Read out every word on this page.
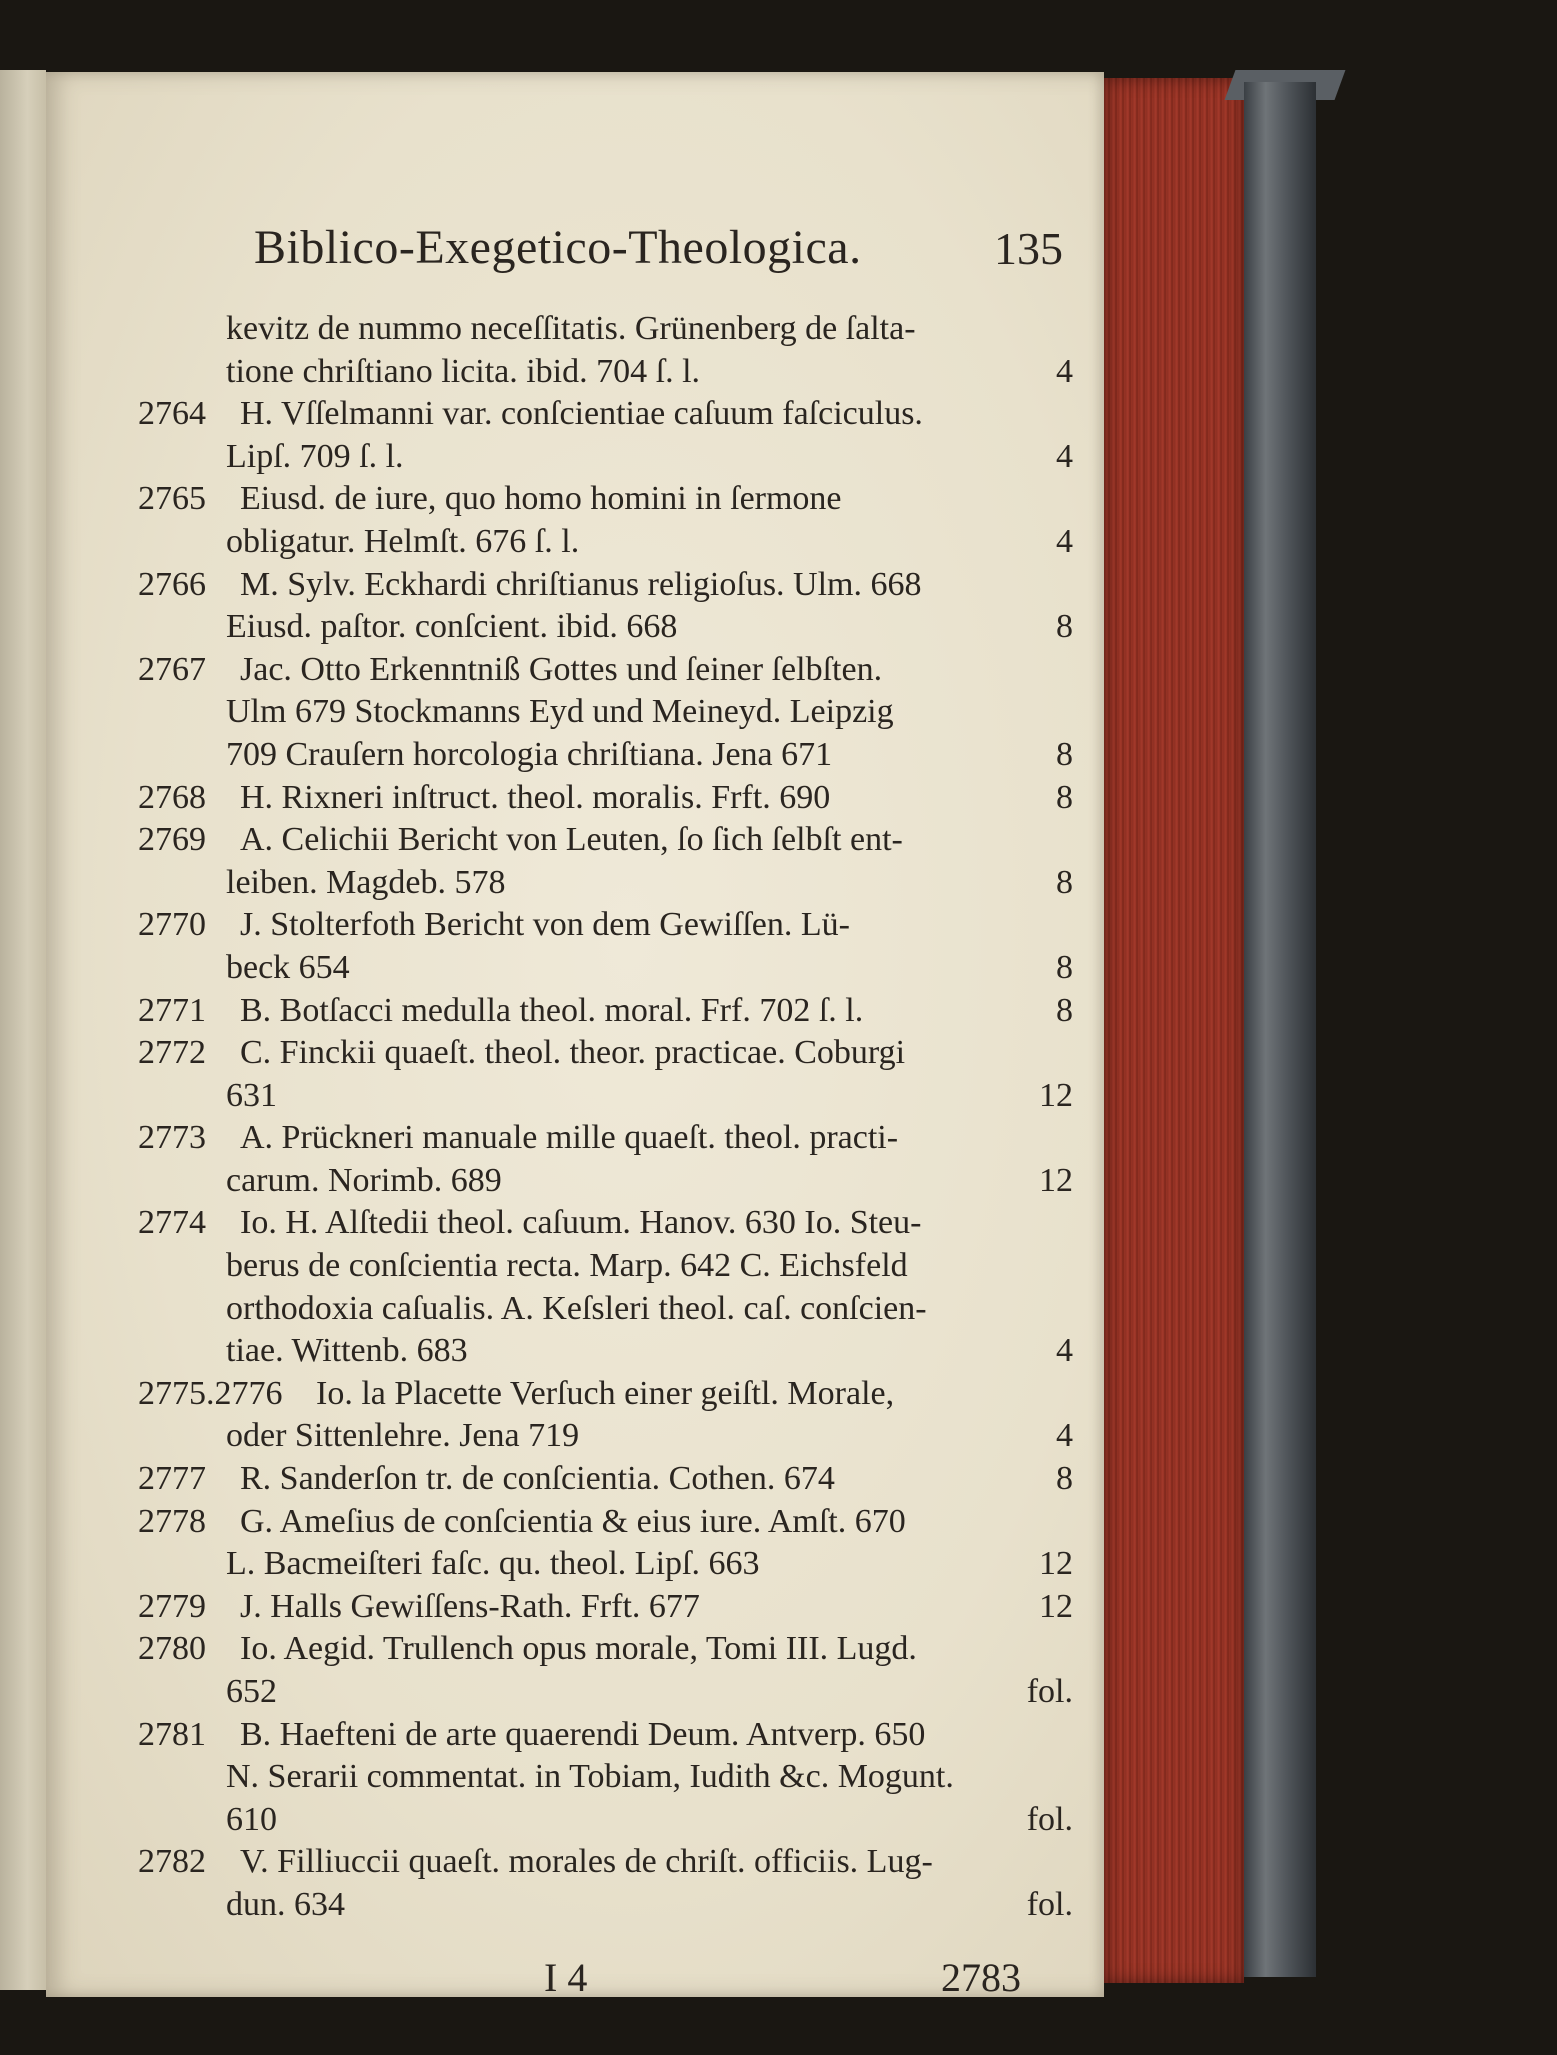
Biblico-Exegetico-Theologica.	135
kevitz de nummo neceſſitatis. Grünenberg de ſalta-
tione chriſtiano licita. ibid. 704 ſ. l.	4
2764 H. Vſſelmanni var. conſcientiae caſuum faſciculus.
Lipſ. 709 ſ. l.	4
2765 Eiusd. de iure, quo homo homini in ſermone
obligatur. Helmſt. 676 ſ. l.	4
2766 M. Sylv. Eckhardi chriſtianus religioſus. Ulm. 668
Eiusd. paſtor. conſcient. ibid. 668	8
2767 Jac. Otto Erkenntniß Gottes und ſeiner ſelbſten.
Ulm 679 Stockmanns Eyd und Meineyd. Leipzig
709 Crauſern horcologia chriſtiana. Jena 671	8
2768 H. Rixneri inſtruct. theol. moralis. Frft. 690	8
2769 A. Celichii Bericht von Leuten, ſo ſich ſelbſt ent-
leiben. Magdeb. 578	8
2770 J. Stolterfoth Bericht von dem Gewiſſen. Lü-
beck 654	8
2771 B. Botſacci medulla theol. moral. Frf. 702 ſ. l.	8
2772 C. Finckii quaeſt. theol. theor. practicae. Coburgi
631	12
2773 A. Prückneri manuale mille quaeſt. theol. practi-
carum. Norimb. 689	12
2774 Io. H. Alſtedii theol. caſuum. Hanov. 630 Io. Steu-
berus de conſcientia recta. Marp. 642 C. Eichsfeld
orthodoxia caſualis. A. Keſsleri theol. caſ. conſcien-
tiae. Wittenb. 683	4
2775.2776 Io. la Placette Verſuch einer geiſtl. Morale,
oder Sittenlehre. Jena 719	4
2777 R. Sanderſon tr. de conſcientia. Cothen. 674	8
2778 G. Ameſius de conſcientia & eius iure. Amſt. 670
L. Bacmeiſteri faſc. qu. theol. Lipſ. 663	12
2779 J. Halls Gewiſſens-Rath. Frft. 677	12
2780 Io. Aegid. Trullench opus morale, Tomi III. Lugd.
652	fol.
2781 B. Haefteni de arte quaerendi Deum. Antverp. 650
N. Serarii commentat. in Tobiam, Iudith &c. Mogunt.
610	fol.
2782 V. Filliuccii quaeſt. morales de chriſt. officiis. Lug-
dun. 634	fol.
I 4	2783
